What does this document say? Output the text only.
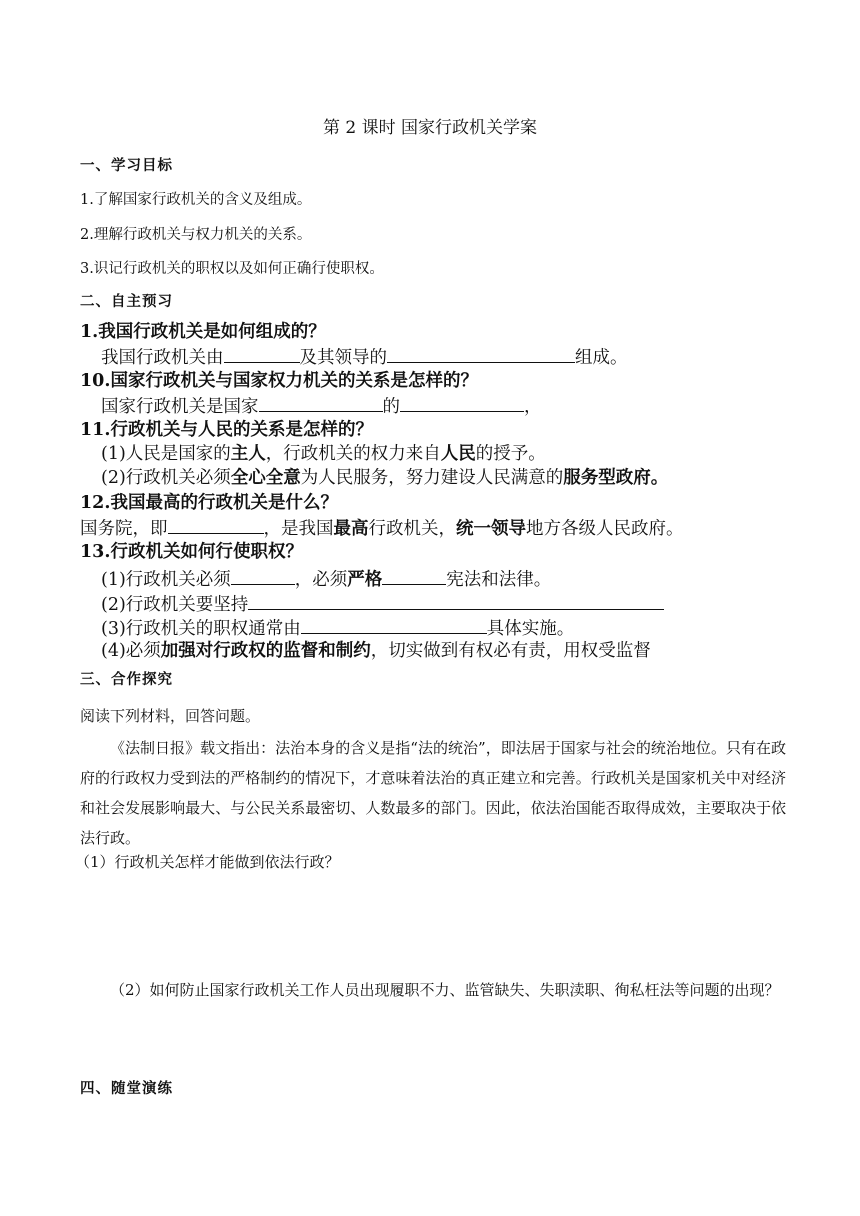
第 2 课时 国家行政机关学案
一、学习目标
1.了解国家行政机关的含义及组成。
2.理解行政机关与权力机关的关系。
3.识记行政机关的职权以及如何正确行使职权。
二、自主预习
1.我国行政机关是如何组成的？
我国行政机关由	及其领导的	组成。
10.国家行政机关与国家权力机关的关系是怎样的？
国家行政机关是国家	的	，
11.行政机关与人民的关系是怎样的？
(1)人民是国家的主人，行政机关的权力来自人民的授予。
(2)行政机关必须全心全意为人民服务，努力建设人民满意的服务型政府。
12.我国最高的行政机关是什么？
国务院，即	，是我国最高行政机关，统一领导地方各级人民政府。
13.行政机关如何行使职权？
(1)行政机关必须	，必须严格	宪法和法律。
(2)行政机关要坚持
(3)行政机关的职权通常由	具体实施。
(4)必须加强对行政权的监督和制约，切实做到有权必有责，用权受监督
三、合作探究
阅读下列材料，回答问题。
《法制日报》载文指出：法治本身的含义是指“法的统治”，即法居于国家与社会的统治地位。只有在政府的行政权力受到法的严格制约的情况下，才意味着法治的真正建立和完善。行政机关是国家机关中对经济和社会发展影响最大、与公民关系最密切、人数最多的部门。因此，依法治国能否取得成效，主要取决于依法行政。
（1）行政机关怎样才能做到依法行政？
（2）如何防止国家行政机关工作人员出现履职不力、监管缺失、失职渎职、徇私枉法等问题的出现？
四、随堂演练
